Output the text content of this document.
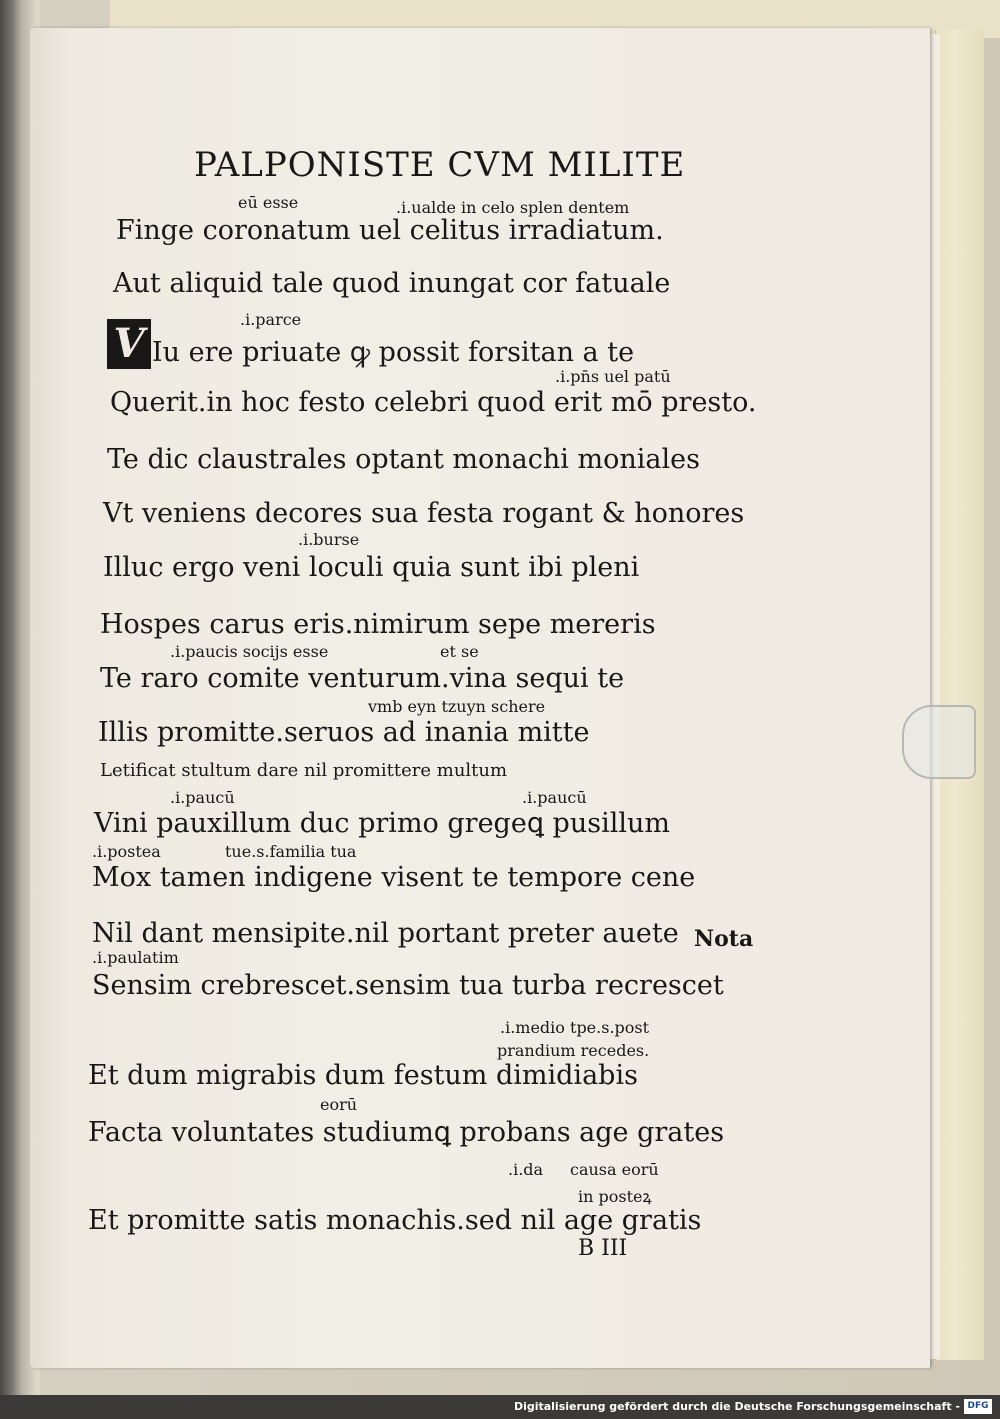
PALPONISTE CVM MILITE
eū esse	.i.ualde in celo splen dentem
Finge coronatum uel celitus irradiatum.
Aut aliquid tale quod inungat cor fatuale
.i.parce
V Iu ere priuate ꝙ possit forsitan a te
.i.pn̄s uel patū
Querit.in hoc festo celebri quod erit mō presto.
Te dic claustrales optant monachi moniales
Vt veniens decores sua festa rogant & honores
.i.burse
Illuc ergo veni loculi quia sunt ibi pleni
Hospes carus eris.nimirum sepe mereris
.i.paucis socijs esse	et se
Te raro comite venturum.vina sequi te
vmb eyn tzuyn schere
Illis promitte.seruos ad inania mitte
Letificat stultum dare nil promittere multum
.i.paucū	.i.paucū
Vini pauxillum duc primo gregeꝗ pusillum
.i.postea	tue.s.familia tua
Mox tamen indigene visent te tempore cene
Nil dant mensipite.nil portant preter auete Nota
.i.paulatim
Sensim crebrescet.sensim tua turba recrescet
.i.medio tpe.s.post
prandium recedes.
Et dum migrabis dum festum dimidiabis
eorū
Facta voluntates studiumꝗ probans age grates
.i.da causa eorū
in posteꝝ
Et promitte satis monachis.sed nil age gratis
B III
Digitalisierung gefördert durch die Deutsche Forschungsgemeinschaft - DFG
